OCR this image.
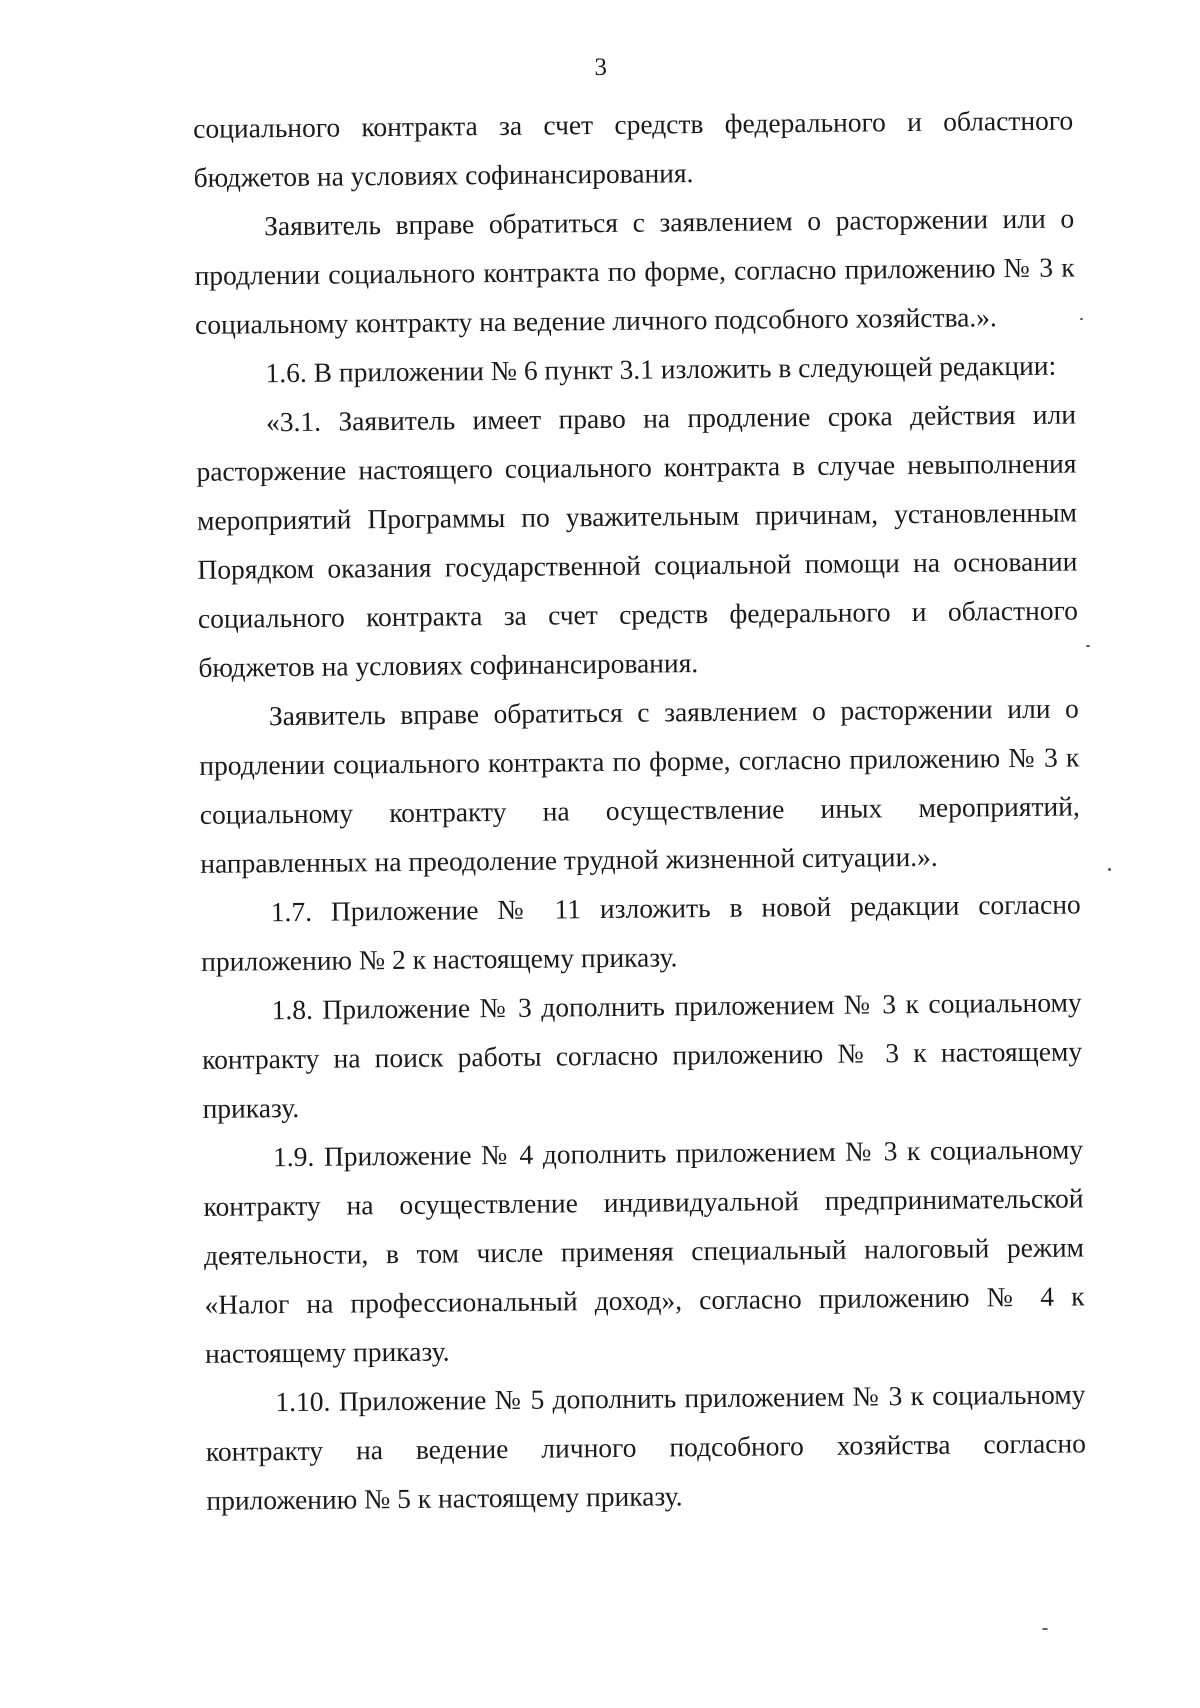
3

социального контракта за счет средств федерального и областного бюджетов на условиях софинансирования.

Заявитель вправе обратиться с заявлением о расторжении или о продлении социального контракта по форме, согласно приложению № 3 к социальному контракту на ведение личного подсобного хозяйства.».

1.6. В приложении № 6 пункт 3.1 изложить в следующей редакции:

«3.1. Заявитель имеет право на продление срока действия или расторжение настоящего социального контракта в случае невыполнения мероприятий Программы по уважительным причинам, установленным Порядком оказания государственной социальной помощи на основании социального контракта за счет средств федерального и областного бюджетов на условиях софинансирования.

Заявитель вправе обратиться с заявлением о расторжении или о продлении социального контракта по форме, согласно приложению № 3 к социальному контракту на осуществление иных мероприятий, направленных на преодоление трудной жизненной ситуации.».

1.7. Приложение № 11 изложить в новой редакции согласно приложению № 2 к настоящему приказу.

1.8. Приложение № 3 дополнить приложением № 3 к социальному контракту на поиск работы согласно приложению № 3 к настоящему приказу.

1.9. Приложение № 4 дополнить приложением № 3 к социальному контракту на осуществление индивидуальной предпринимательской деятельности, в том числе применяя специальный налоговый режим «Налог на профессиональный доход», согласно приложению № 4 к настоящему приказу.

1.10. Приложение № 5 дополнить приложением № 3 к социальному контракту на ведение личного подсобного хозяйства согласно приложению № 5 к настоящему приказу.
